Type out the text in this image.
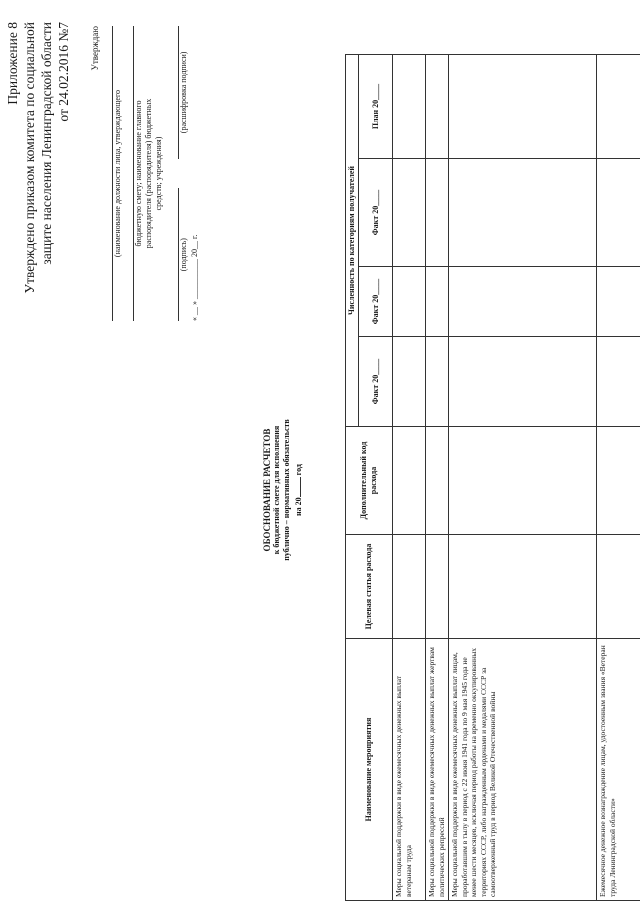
Приложение 8 Утверждено приказом комитета по социальной защите населения Ленинградской области от 24.02.2016 №7 Утверждаю
(наименование должности лица, утверждающего бюджетную смету; наименование главного распорядителя (распорядителя) бюджетных средств; учреждения)
(подпись)
(расшифровка подписи)
« __ » __________ 20__ г.
ОБОСНОВАНИЕ РАСЧЕТОВ к бюджетной смете для исполнения публично – нормативных обязательств на 20 год
Наименование мероприятия	Целевая статья расхода	Дополнительный код расхода	Численность по категориям получателей			
			Факт 20____	Факт 20____	Факт 20____	План 20____
Меры социальной поддержки в виде ежемесячных денежных выплат ветеранам труда						
Меры социальной поддержки в виде ежемесячных денежных выплат жертвам политических репрессий						
Меры социальной поддержки в виде ежемесячных денежных выплат лицам, проработавшим в тылу в период с 22 июня 1941 года по 9 мая 1945 года не менее шести месяцев, исключая период работы на временно оккупированных территориях СССР, либо награжденным орденами и медалями СССР за самоотверженный труд в период Великой Отечественной войны						
Ежемесячное денежное вознаграждение лицам, удостоенным звания «Ветеран труда Ленинградской области»						
